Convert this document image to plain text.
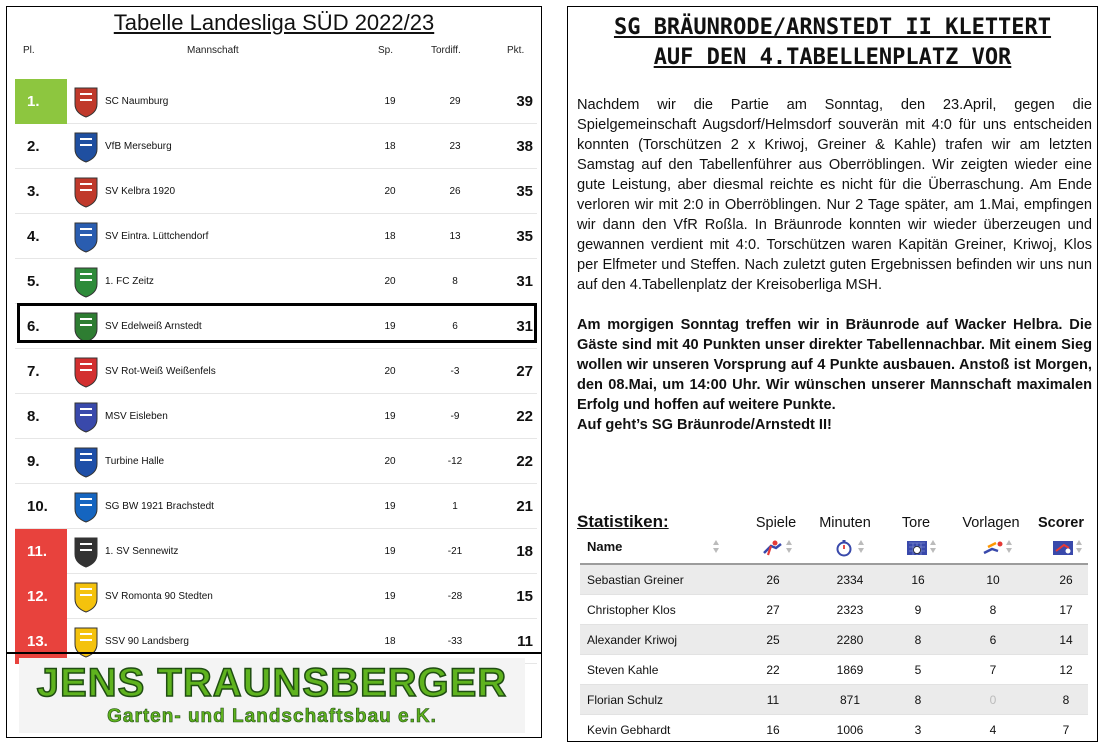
Tabelle Landesliga SÜD 2022/23
Pl.	Mannschaft	Sp.	Tordiff.	Pkt.
1.	SC Naumburg	19	29	39
2.	VfB Merseburg	18	23	38
3.	SV Kelbra 1920	20	26	35
4.	SV Eintra. Lüttchendorf	18	13	35
5.	1. FC Zeitz	20	8	31
6.	SV Edelweiß Arnstedt	19	6	31
7.	SV Rot-Weiß Weißenfels	20	-3	27
8.	MSV Eisleben	19	-9	22
9.	Turbine Halle	20	-12	22
10.	SG BW 1921 Brachstedt	19	1	21
11.	1. SV Sennewitz	19	-21	18
12.	SV Romonta 90 Stedten	19	-28	15
13.	SSV 90 Landsberg	18	-33	11
JENS TRAUNSBERGER
Garten- und Landschaftsbau e.K.
SG BRÄUNRODE/ARNSTEDT II KLETTERT
AUF DEN 4.TABELLENPLATZ VOR

Nachdem wir die Partie am Sonntag, den 23.April, gegen die Spielgemeinschaft Augsdorf/Helmsdorf souverän mit 4:0 für uns entscheiden konnten (Torschützen 2 x Kriwoj, Greiner & Kahle) trafen wir am letzten Samstag auf den Tabellenführer aus Oberröblingen. Wir zeigten wieder eine gute Leistung, aber diesmal reichte es nicht für die Überraschung. Am Ende verloren wir mit 2:0 in Oberröblingen. Nur 2 Tage später, am 1.Mai, empfingen wir dann den VfR Roßla. In Bräunrode konnten wir wieder überzeugen und gewannen verdient mit 4:0. Torschützen waren Kapitän Greiner, Kriwoj, Klos per Elfmeter und Steffen. Nach zuletzt guten Ergebnissen befinden wir uns nun auf den 4.Tabellenplatz der Kreisoberliga MSH.

Am morgigen Sonntag treffen wir in Bräunrode auf Wacker Helbra. Die Gäste sind mit 40 Punkten unser direkter Tabellennachbar. Mit einem Sieg wollen wir unseren Vorsprung auf 4 Punkte ausbauen. Anstoß ist Morgen, den 08.Mai, um 14:00 Uhr. Wir wünschen unserer Mannschaft maximalen Erfolg und hoffen auf weitere Punkte.

Auf geht’s SG Bräunrode/Arnstedt II!

Statistiken:	Spiele	Minuten	Tore	Vorlagen	Scorer
Name
Sebastian Greiner	26	2334	16	10	26
Christopher Klos	27	2323	9	8	17
Alexander Kriwoj	25	2280	8	6	14
Steven Kahle	22	1869	5	7	12
Florian Schulz	11	871	8	0	8
Kevin Gebhardt	16	1006	3	4	7
